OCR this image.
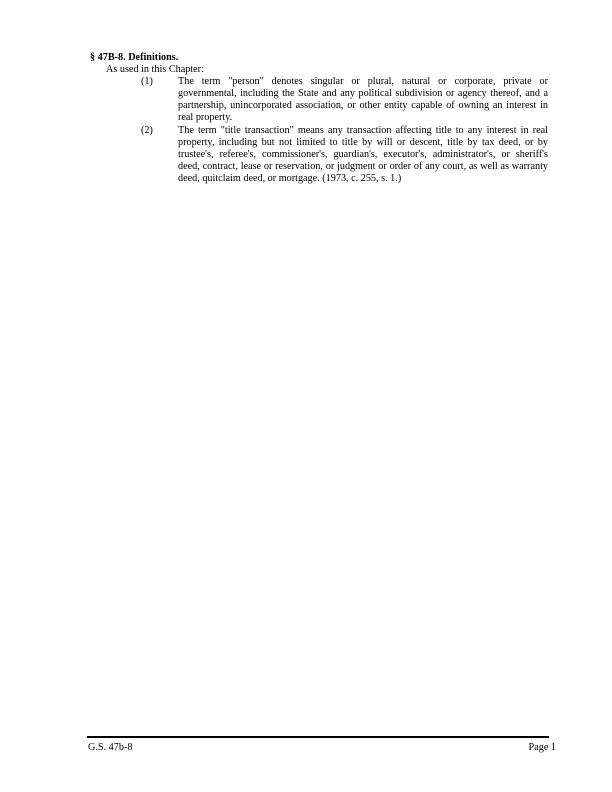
§ 47B-8. Definitions.

As used in this Chapter:

(1) The term "person" denotes singular or plural, natural or corporate, private or governmental, including the State and any political subdivision or agency thereof, and a partnership, unincorporated association, or other entity capable of owning an interest in real property.

(2) The term "title transaction" means any transaction affecting title to any interest in real property, including but not limited to title by will or descent, title by tax deed, or by trustee's, referee's, commissioner's, guardian's, executor's, administrator's, or sheriff's deed, contract, lease or reservation, or judgment or order of any court, as well as warranty deed, quitclaim deed, or mortgage. (1973, c. 255, s. 1.)

G.S. 47b-8	Page 1
